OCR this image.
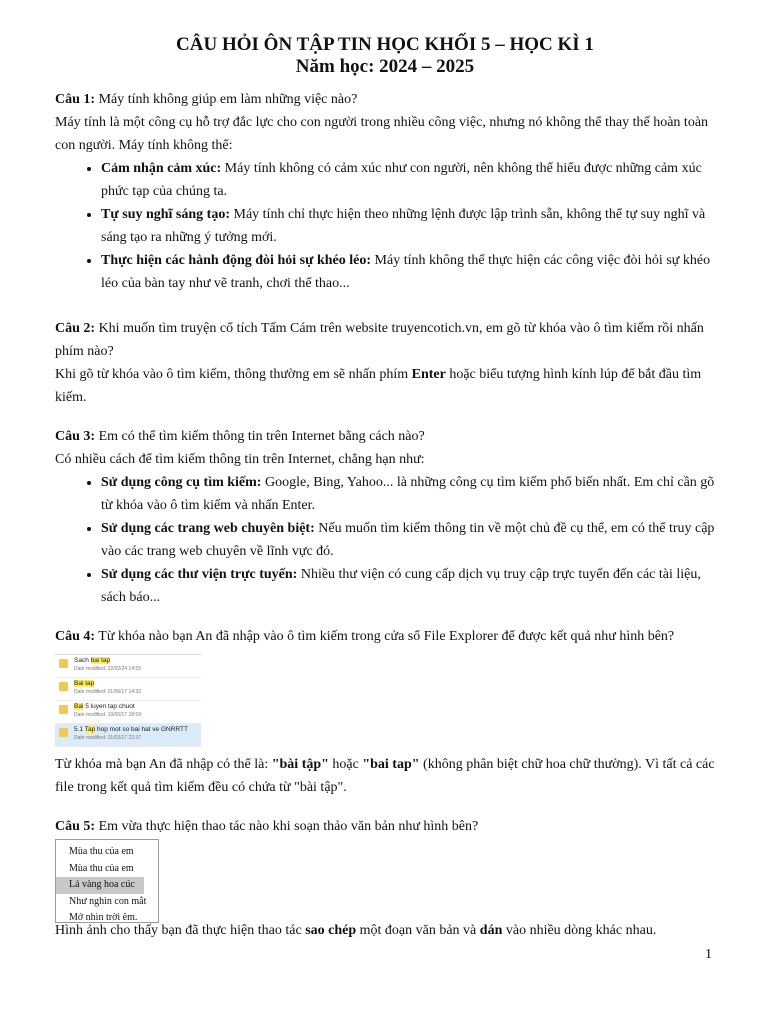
CÂU HỎI ÔN TẬP TIN HỌC KHỐI 5 – HỌC KÌ 1
Năm học: 2024 – 2025

Câu 1: Máy tính không giúp em làm những việc nào?

Máy tính là một công cụ hỗ trợ đắc lực cho con người trong nhiều công việc, nhưng nó không thể thay thế hoàn toàn con người. Máy tính không thể:

• Cảm nhận cảm xúc: Máy tính không có cảm xúc như con người, nên không thể hiểu được những cảm xúc phức tạp của chúng ta.
• Tự suy nghĩ sáng tạo: Máy tính chỉ thực hiện theo những lệnh được lập trình sẵn, không thể tự suy nghĩ và sáng tạo ra những ý tưởng mới.
• Thực hiện các hành động đòi hỏi sự khéo léo: Máy tính không thể thực hiện các công việc đòi hỏi sự khéo léo của bàn tay như vẽ tranh, chơi thể thao...

Câu 2: Khi muốn tìm truyện cổ tích Tấm Cám trên website truyencotich.vn, em gõ từ khóa vào ô tìm kiếm rồi nhấn phím nào?

Khi gõ từ khóa vào ô tìm kiếm, thông thường em sẽ nhấn phím Enter hoặc biểu tượng hình kính lúp để bắt đầu tìm kiếm.

Câu 3: Em có thể tìm kiếm thông tin trên Internet bằng cách nào?

Có nhiều cách để tìm kiếm thông tin trên Internet, chẳng hạn như:

• Sử dụng công cụ tìm kiếm: Google, Bing, Yahoo... là những công cụ tìm kiếm phổ biến nhất. Em chỉ cần gõ từ khóa vào ô tìm kiếm và nhấn Enter.
• Sử dụng các trang web chuyên biệt: Nếu muốn tìm kiếm thông tin về một chủ đề cụ thể, em có thể truy cập vào các trang web chuyên về lĩnh vực đó.
• Sử dụng các thư viện trực tuyến: Nhiều thư viện có cung cấp dịch vụ truy cập trực tuyến đến các tài liệu, sách báo...

Câu 4: Từ khóa nào bạn An đã nhập vào ô tìm kiếm trong cửa sổ File Explorer để được kết quả như hình bên?

Sach bai tap
Date modified: 22/02/24 14:55
Bai tap
Date modified: 01/06/17 14:32
Bai 5 luyen tap chuot
Date modified: 19/05/17 18:59
5.1 Tap hop mot so bai hat ve GNRRTT
Date modified: 31/03/17 22:37

Từ khóa mà bạn An đã nhập có thể là: "bài tập" hoặc "bai tap" (không phân biệt chữ hoa chữ thường). Vì tất cả các file trong kết quả tìm kiếm đều có chứa từ "bài tập".

Câu 5: Em vừa thực hiện thao tác nào khi soạn thảo văn bản như hình bên?

Mùa thu của em
Mùa thu của em
Lá vàng hoa cúc
Như nghìn con mắt
Mở nhìn trời êm.

Hình ảnh cho thấy bạn đã thực hiện thao tác sao chép một đoạn văn bản và dán vào nhiều dòng khác nhau.

1
